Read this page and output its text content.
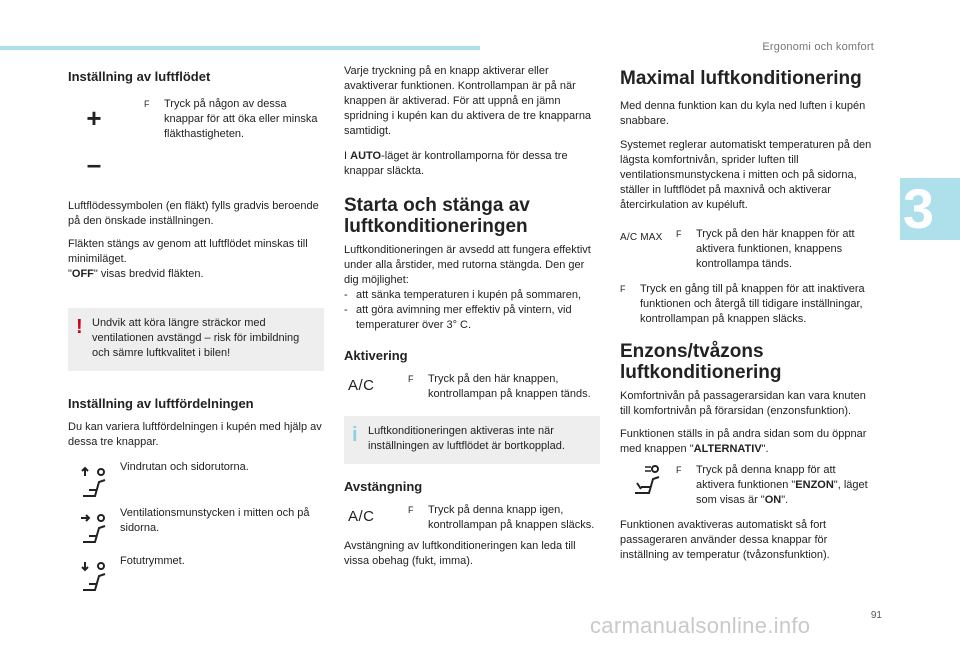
Ergonomi och komfort
3
Inställning av luftflödet
+
–
F	Tryck på någon av dessa knappar för att öka eller minska fläkthastigheten.

Luftflödessymbolen (en fläkt) fylls gradvis beroende på den önskade inställningen.

Fläkten stängs av genom att luftflödet minskas till minimiläget.

"OFF" visas bredvid fläkten.

! Undvik att köra längre sträckor med ventilationen avstängd – risk för imbildning och sämre luftkvalitet i bilen!

Inställning av luftfördelningen

Du kan variera luftfördelningen i kupén med hjälp av dessa tre knappar.

Vindrutan och sidorutorna.

Ventilationsmunstycken i mitten och på sidorna.

Fotutrymmet.

Varje tryckning på en knapp aktiverar eller avaktiverar funktionen. Kontrollampan är på när knappen är aktiverad. För att uppnå en jämn spridning i kupén kan du aktivera de tre knapparna samtidigt.

I AUTO-läget är kontrollamporna för dessa tre knappar släckta.

Starta och stänga av luftkonditioneringen

Luftkonditioneringen är avsedd att fungera effektivt under alla årstider, med rutorna stängda. Den ger dig möjlighet:

- att sänka temperaturen i kupén på sommaren,
- att göra avimning mer effektiv på vintern, vid temperaturer över 3° C.
Aktivering
A/C	F	Tryck på den här knappen, kontrollampan på knappen tänds.

i Luftkonditioneringen aktiveras inte när inställningen av luftflödet är bortkopplad.

Avstängning
A/C	F	Tryck på denna knapp igen, kontrollampan på knappen släcks.

Avstängning av luftkonditioneringen kan leda till vissa obehag (fukt, imma).

Maximal luftkonditionering

Med denna funktion kan du kyla ned luften i kupén snabbare.

Systemet reglerar automatiskt temperaturen på den lägsta komfortnivån, sprider luften till ventilationsmunstyckena i mitten och på sidorna, ställer in luftflödet på maxnivå och aktiverar återcirkulation av kupéluft.

A/C MAX	F	Tryck på den här knappen för att aktivera funktionen, knappens kontrollampa tänds.

F	Tryck en gång till på knappen för att inaktivera funktionen och återgå till tidigare inställningar, kontrollampan på knappen släcks.

Enzons/tvåzons luftkonditionering

Komfortnivån på passagerarsidan kan vara knuten till komfortnivån på förarsidan (enzonsfunktion).

Funktionen ställs in på andra sidan som du öppnar med knappen "ALTERNATIV".

F	Tryck på denna knapp för att aktivera funktionen "ENZON", läget som visas är "ON".

Funktionen avaktiveras automatiskt så fort passageraren använder dessa knappar för inställning av temperatur (tvåzonsfunktion).

91
carmanualsonline.info
